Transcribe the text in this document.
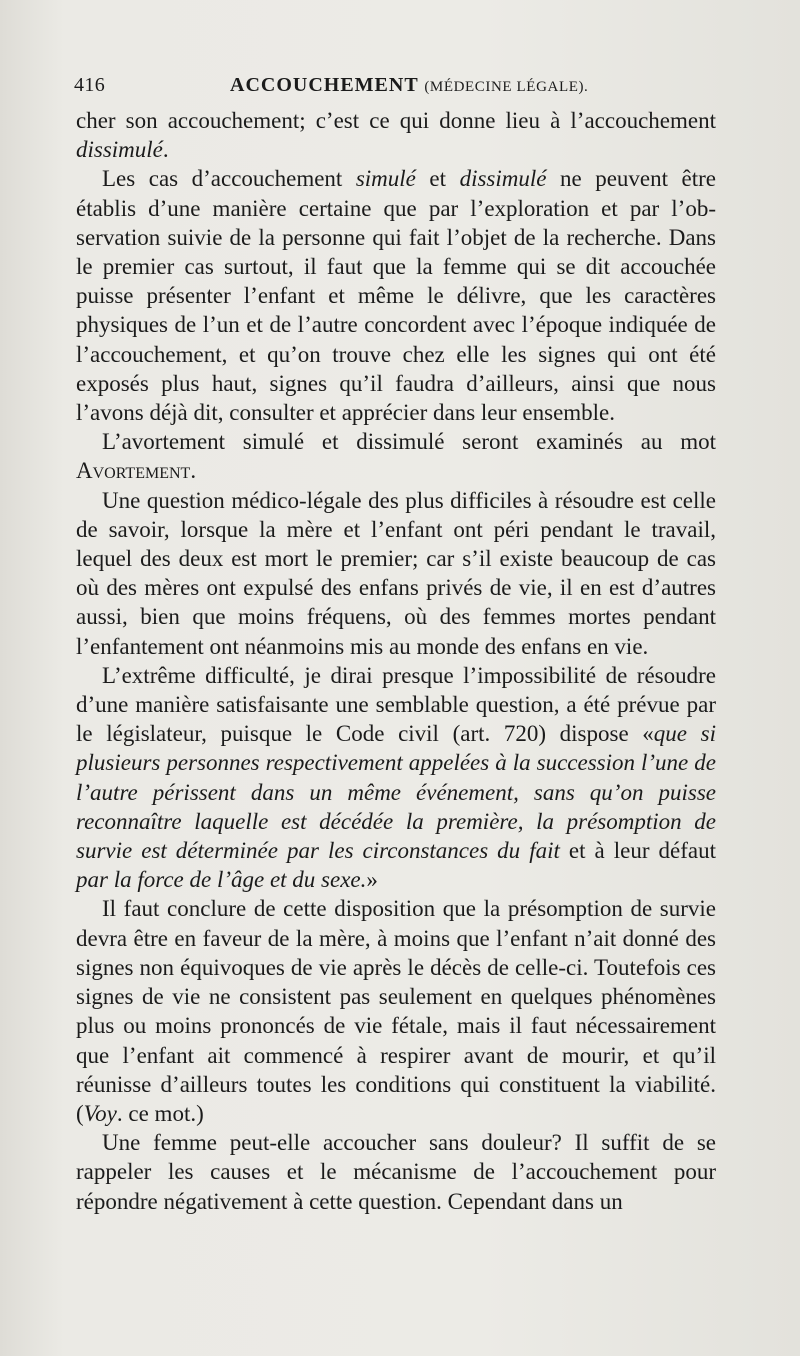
416	ACCOUCHEMENT (MÉDECINE LÉGALE).

cher son accouchement; c’est ce qui donne lieu à l’accouchement dissimulé.

Les cas d’accouchement simulé et dissimulé ne peuvent être établis d’une manière certaine que par l’exploration et par l’observation suivie de la personne qui fait l’objet de la recherche. Dans le premier cas surtout, il faut que la femme qui se dit accouchée puisse présenter l’enfant et même le délivre, que les caractères physiques de l’un et de l’autre concordent avec l’époque indiquée de l’accouchement, et qu’on trouve chez elle les signes qui ont été exposés plus haut, signes qu’il faudra d’ailleurs, ainsi que nous l’avons déjà dit, consulter et apprécier dans leur ensemble.

L’avortement simulé et dissimulé seront examinés au mot Avortement.

Une question médico-légale des plus difficiles à résoudre est celle de savoir, lorsque la mère et l’enfant ont péri pendant le travail, lequel des deux est mort le premier; car s’il existe beaucoup de cas où des mères ont expulsé des enfans privés de vie, il en est d’autres aussi, bien que moins fréquens, où des femmes mortes pendant l’enfantement ont néanmoins mis au monde des enfans en vie.

L’extrême difficulté, je dirai presque l’impossibilité de résoudre d’une manière satisfaisante une semblable question, a été prévue par le législateur, puisque le Code civil (art. 720) dispose «que si plusieurs personnes respectivement appelées à la succession l’une de l’autre périssent dans un même événement, sans qu’on puisse reconnaître laquelle est décédée la première, la présomption de survie est déterminée par les circonstances du fait et à leur défaut par la force de l’âge et du sexe.»

Il faut conclure de cette disposition que la présomption de survie devra être en faveur de la mère, à moins que l’enfant n’ait donné des signes non équivoques de vie après le décès de celle-ci. Toutefois ces signes de vie ne consistent pas seulement en quelques phénomènes plus ou moins prononcés de vie fétale, mais il faut nécessairement que l’enfant ait commencé à respirer avant de mourir, et qu’il réunisse d’ailleurs toutes les conditions qui constituent la viabilité. (Voy. ce mot.)

Une femme peut-elle accoucher sans douleur? Il suffit de se rappeler les causes et le mécanisme de l’accouchement pour répondre négativement à cette question. Cependant dans un
